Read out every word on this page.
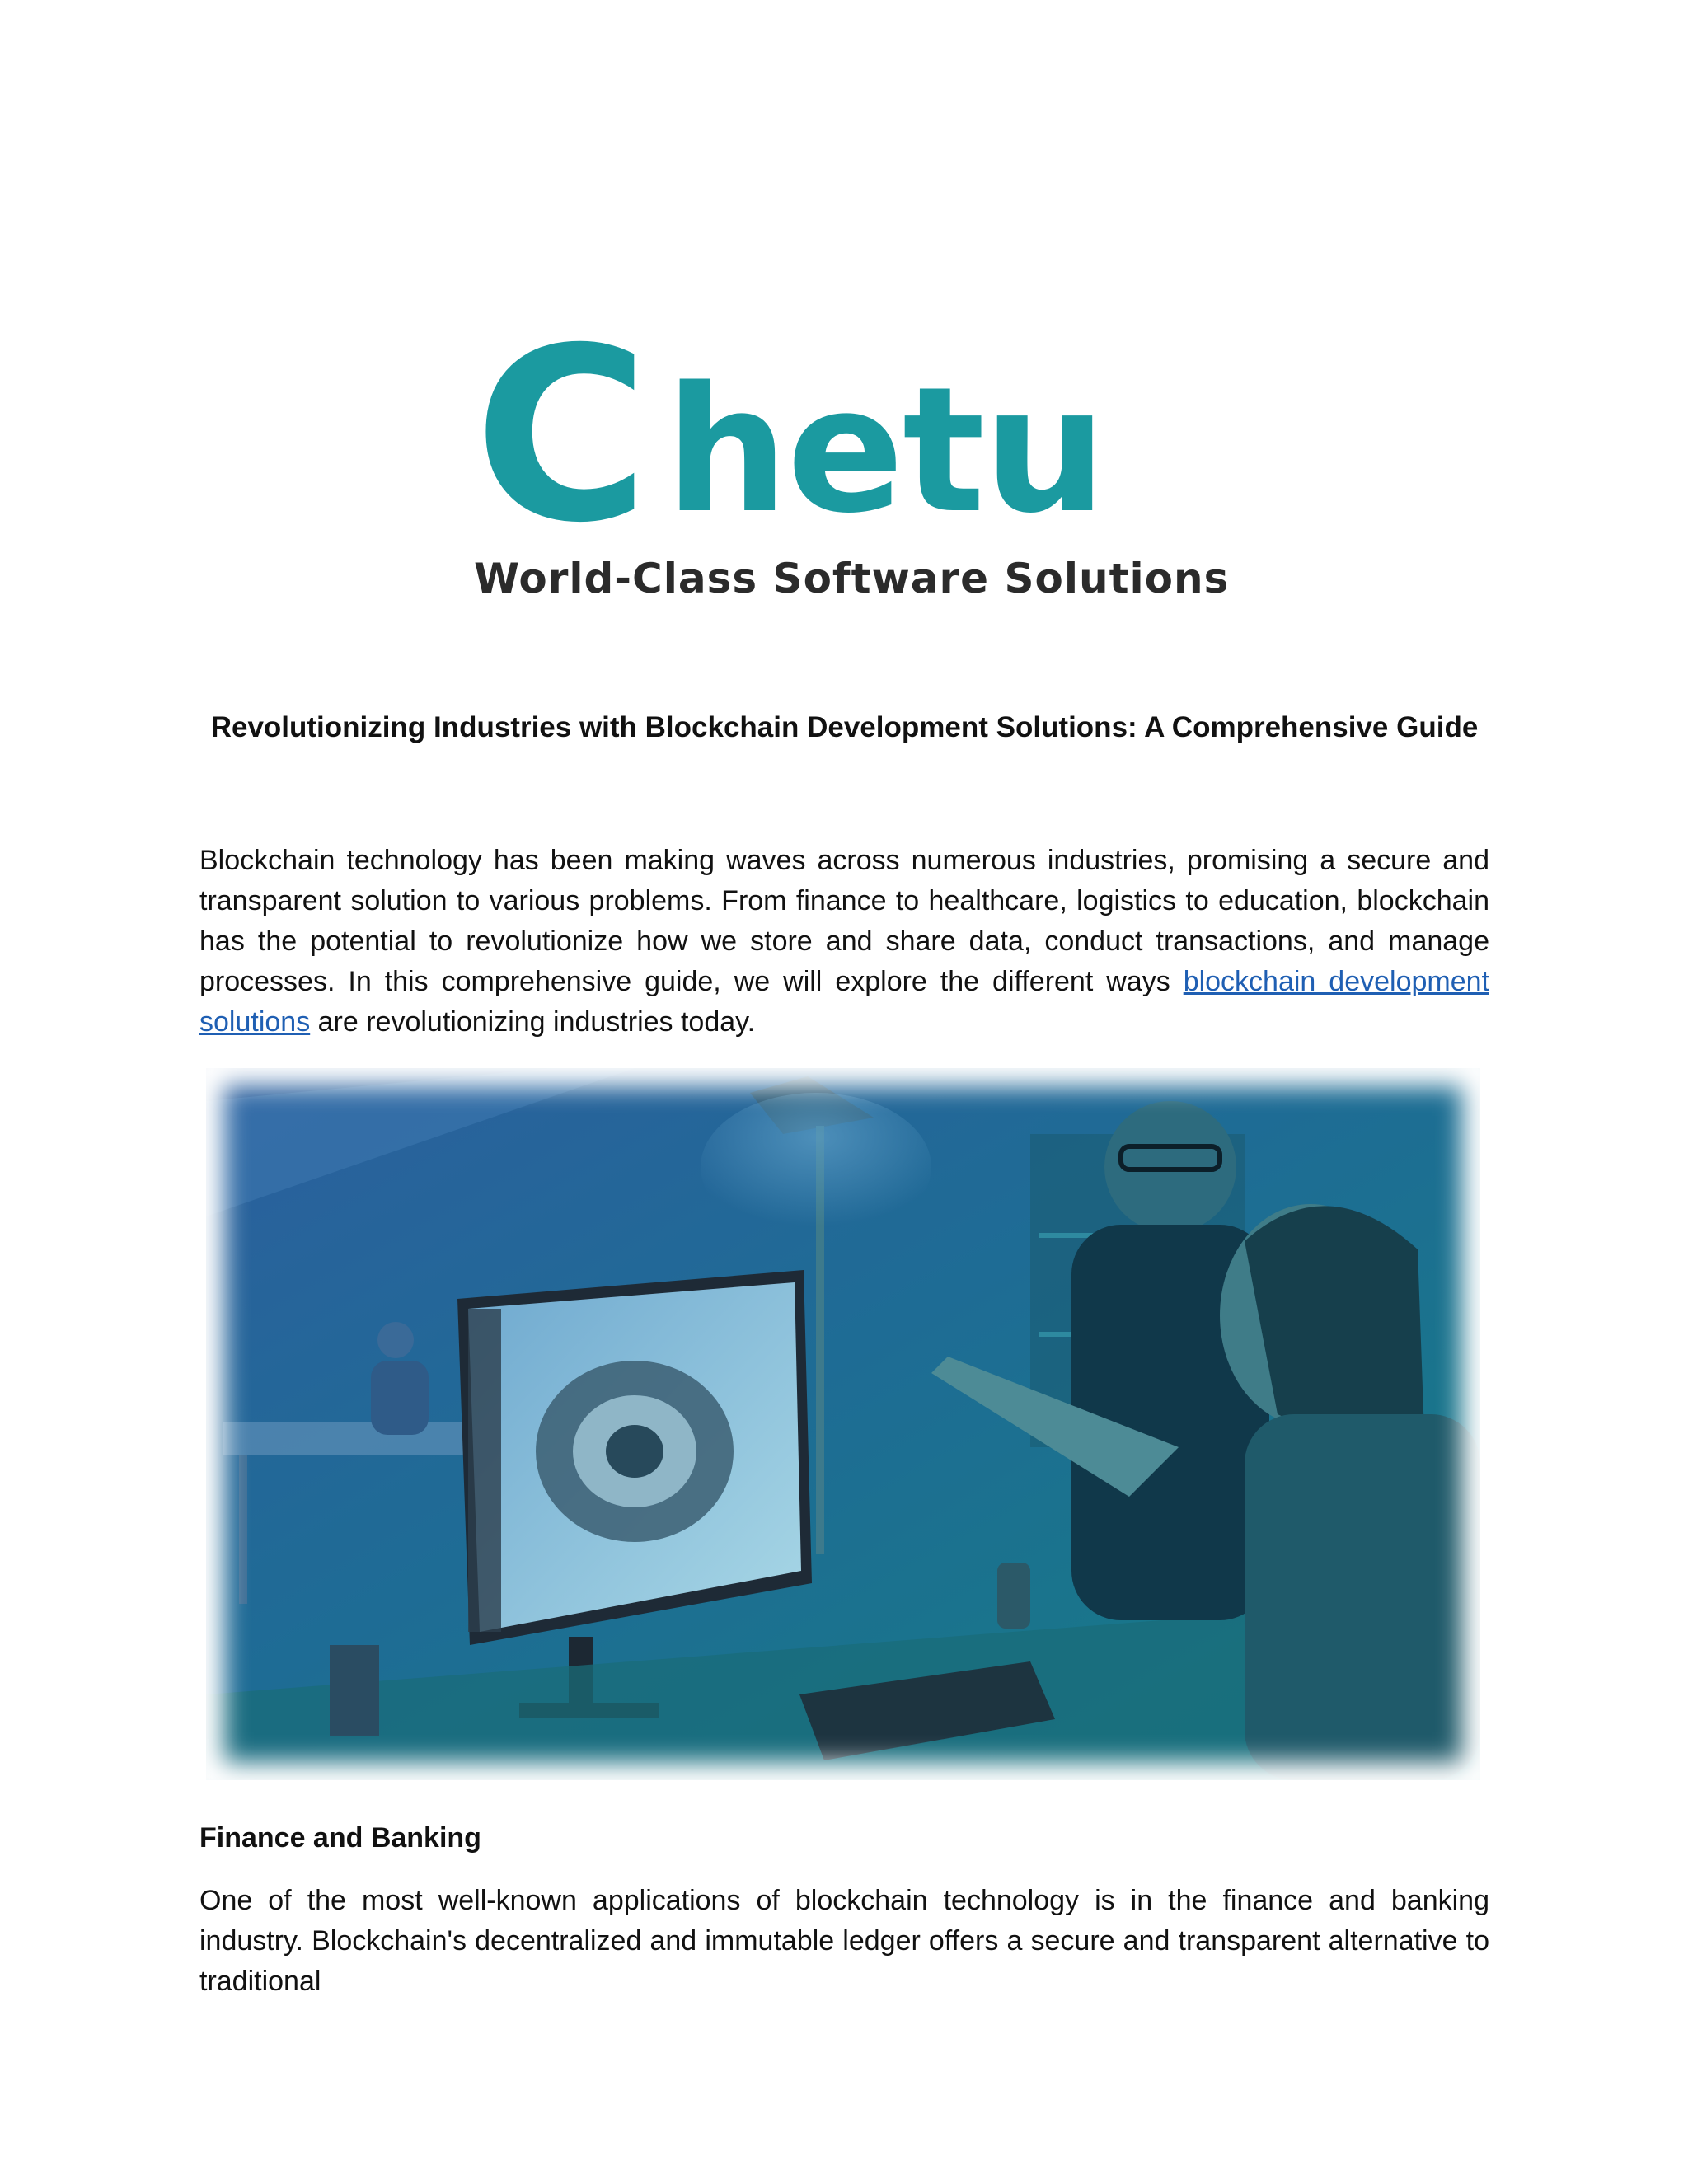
C hetu
World-Class Software Solutions
Revolutionizing Industries with Blockchain Development Solutions: A Comprehensive Guide
Blockchain technology has been making waves across numerous industries, promising a secure and transparent solution to various problems. From finance to healthcare, logistics to education, blockchain has the potential to revolutionize how we store and share data, conduct transactions, and manage processes. In this comprehensive guide, we will explore the different ways blockchain development solutions are revolutionizing industries today.
Finance and Banking
One of the most well-known applications of blockchain technology is in the finance and banking industry. Blockchain's decentralized and immutable ledger offers a secure and transparent alternative to traditional
